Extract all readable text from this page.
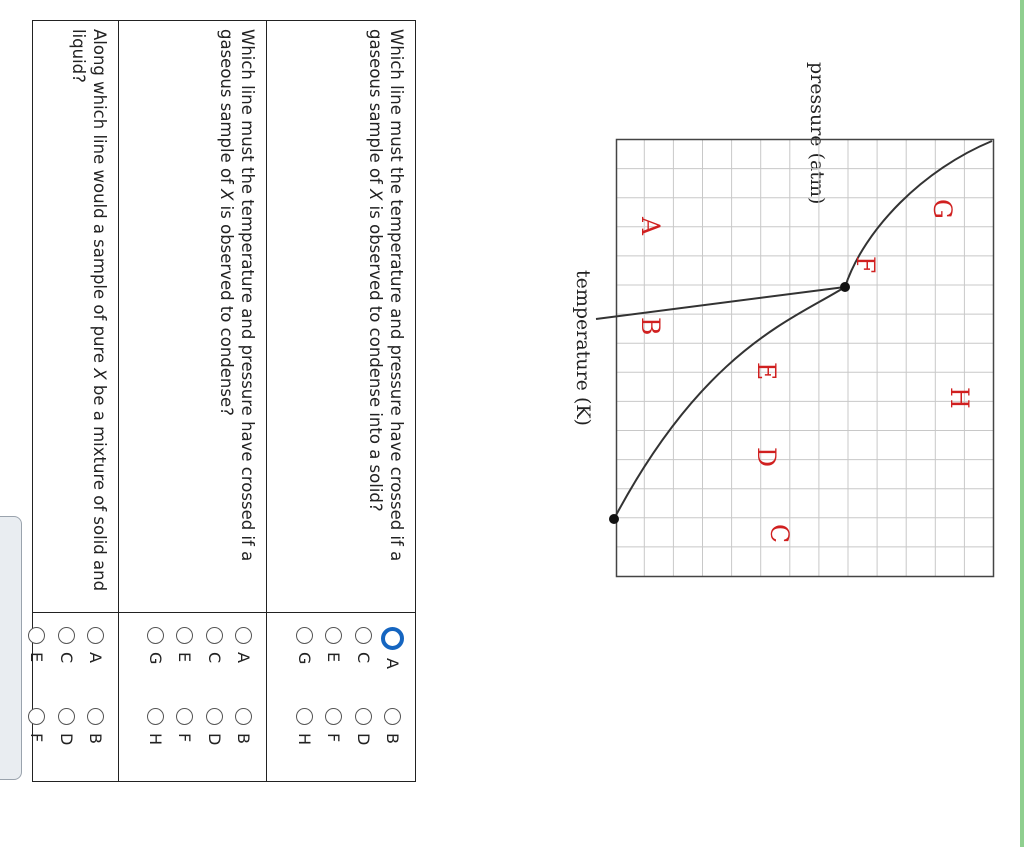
pressure (atm)
temperature (K)
G
F
H
E
D
C
A
B
Which line must the temperature and pressure have crossed if a gaseous sample of X is observed to condense into a solid?
A
B
C
D
E
F
G
H
Which line must the temperature and pressure have crossed if a gaseous sample of X is observed to condense?
A
B
C
D
E
F
G
H
Along which line would a sample of pure X be a mixture of solid and liquid?
A
B
C
D
E
F
